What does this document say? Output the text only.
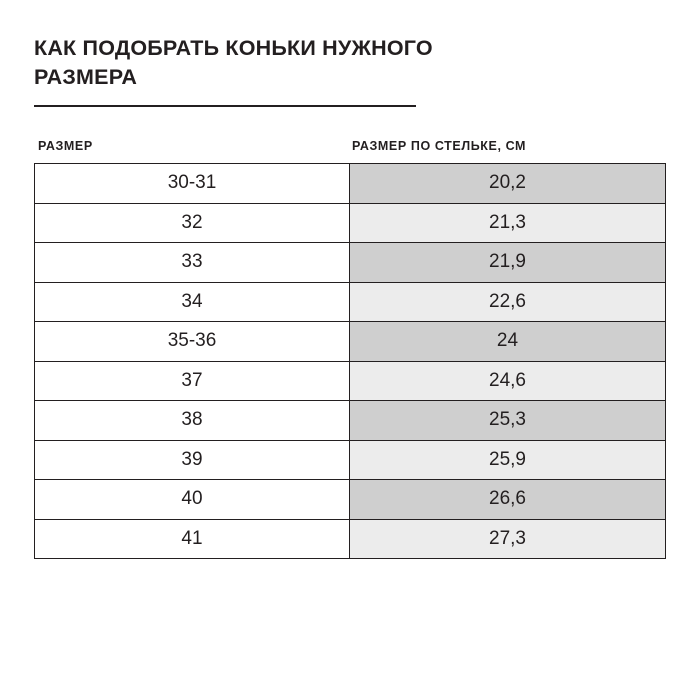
КАК ПОДОБРАТЬ КОНЬКИ НУЖНОГО РАЗМЕРА
РАЗМЕР	РАЗМЕР ПО СТЕЛЬКЕ, СМ
30-31	20,2
32	21,3
33	21,9
34	22,6
35-36	24
37	24,6
38	25,3
39	25,9
40	26,6
41	27,3
